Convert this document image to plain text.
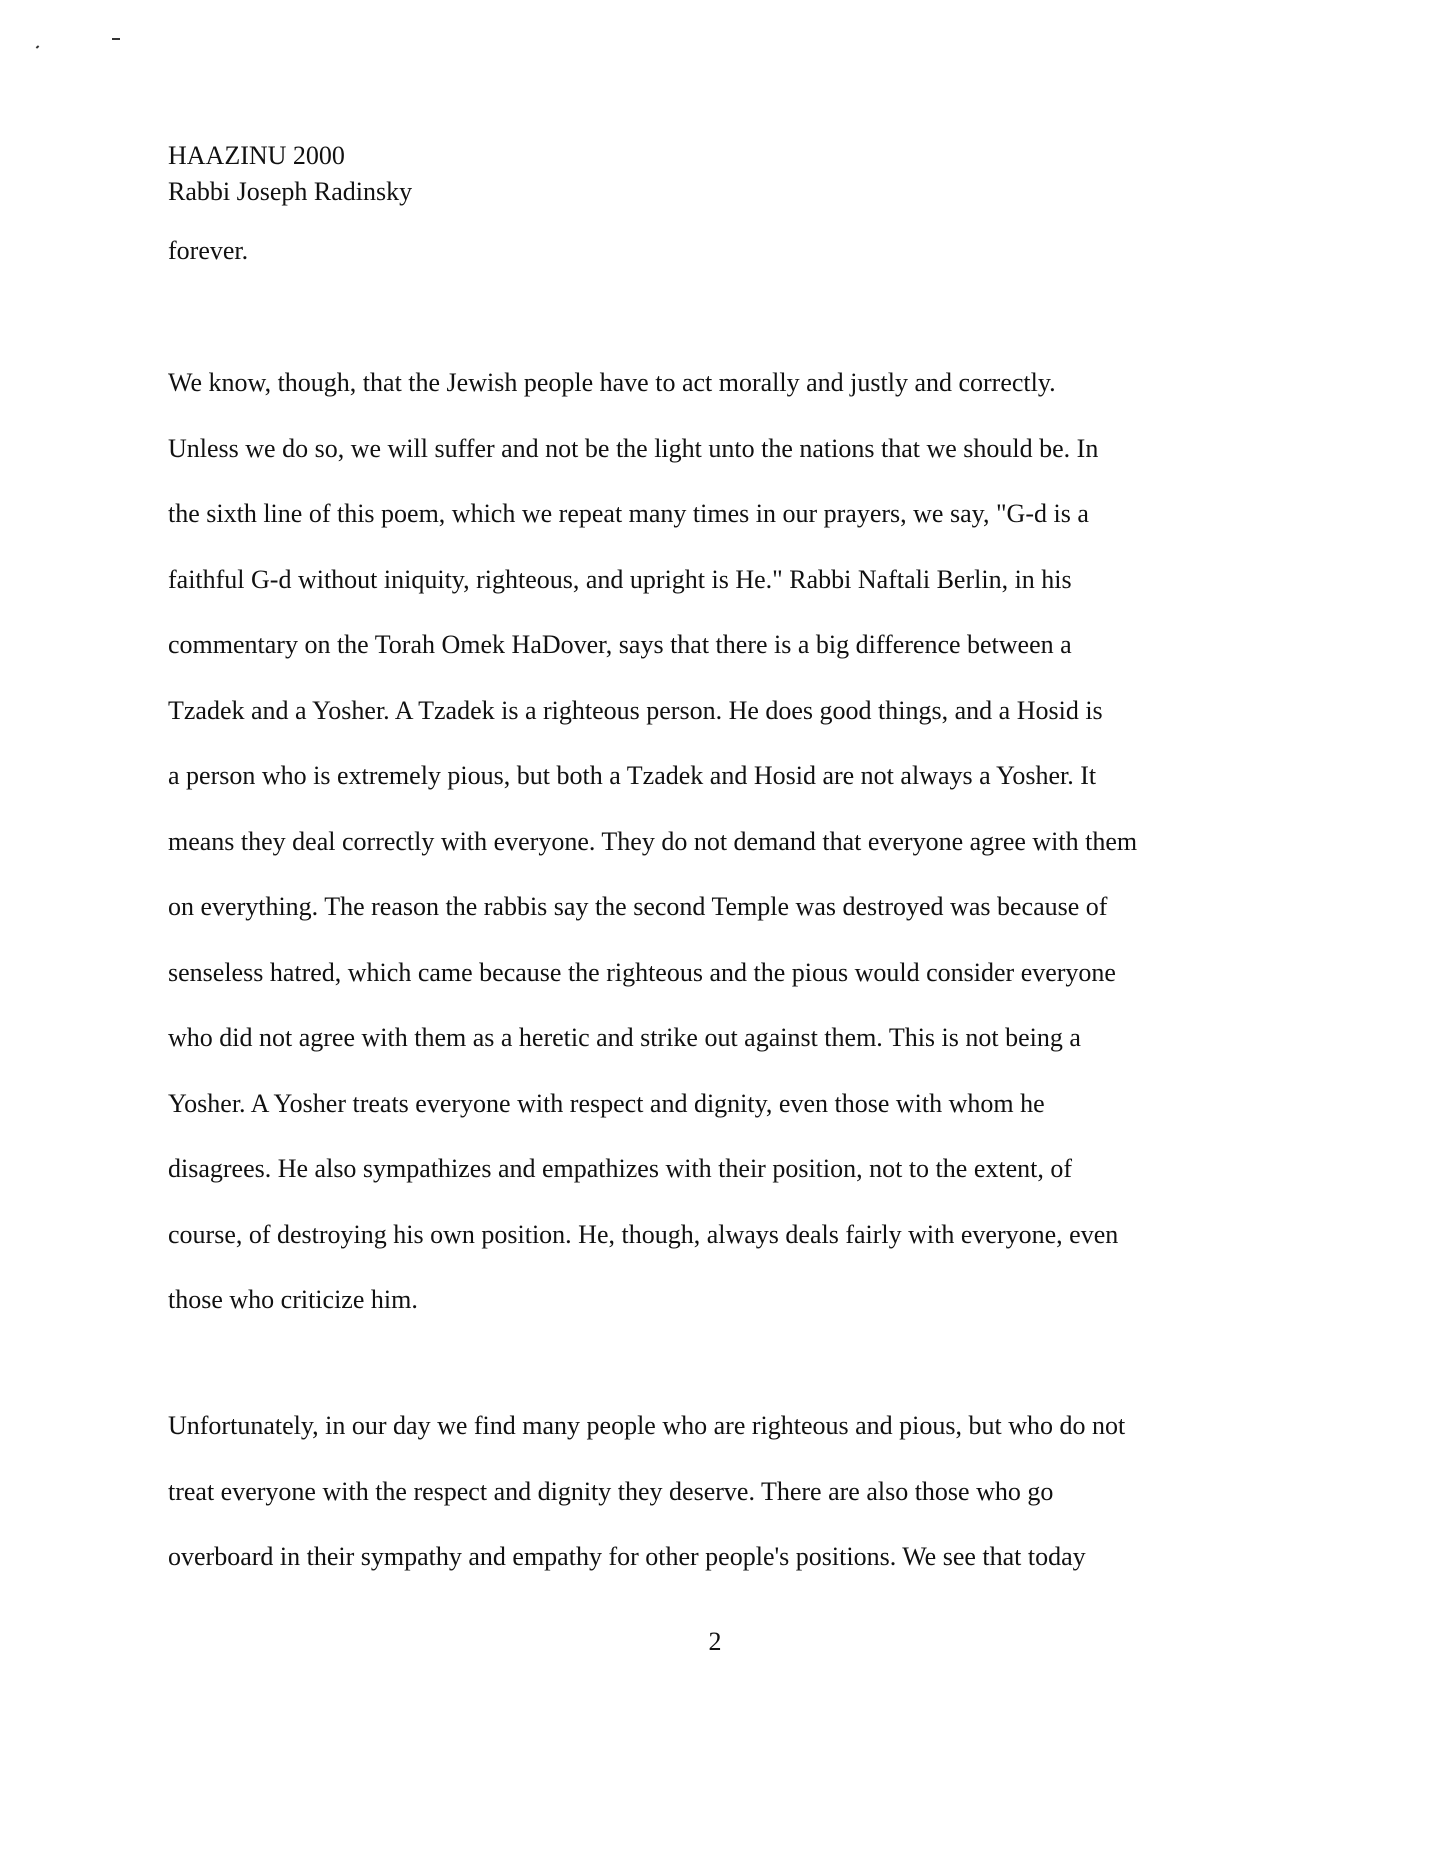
HAAZINU 2000
Rabbi Joseph Radinsky
forever.
We know, though, that the Jewish people have to act morally and justly and correctly.
Unless we do so, we will suffer and not be the light unto the nations that we should be. In
the sixth line of this poem, which we repeat many times in our prayers, we say, "G-d is a
faithful G-d without iniquity, righteous, and upright is He." Rabbi Naftali Berlin, in his
commentary on the Torah Omek HaDover, says that there is a big difference between a
Tzadek and a Yosher. A Tzadek is a righteous person. He does good things, and a Hosid is
a person who is extremely pious, but both a Tzadek and Hosid are not always a Yosher. It
means they deal correctly with everyone. They do not demand that everyone agree with them
on everything. The reason the rabbis say the second Temple was destroyed was because of
senseless hatred, which came because the righteous and the pious would consider everyone
who did not agree with them as a heretic and strike out against them. This is not being a
Yosher. A Yosher treats everyone with respect and dignity, even those with whom he
disagrees. He also sympathizes and empathizes with their position, not to the extent, of
course, of destroying his own position. He, though, always deals fairly with everyone, even
those who criticize him.
Unfortunately, in our day we find many people who are righteous and pious, but who do not
treat everyone with the respect and dignity they deserve. There are also those who go
overboard in their sympathy and empathy for other people's positions. We see that today
2
